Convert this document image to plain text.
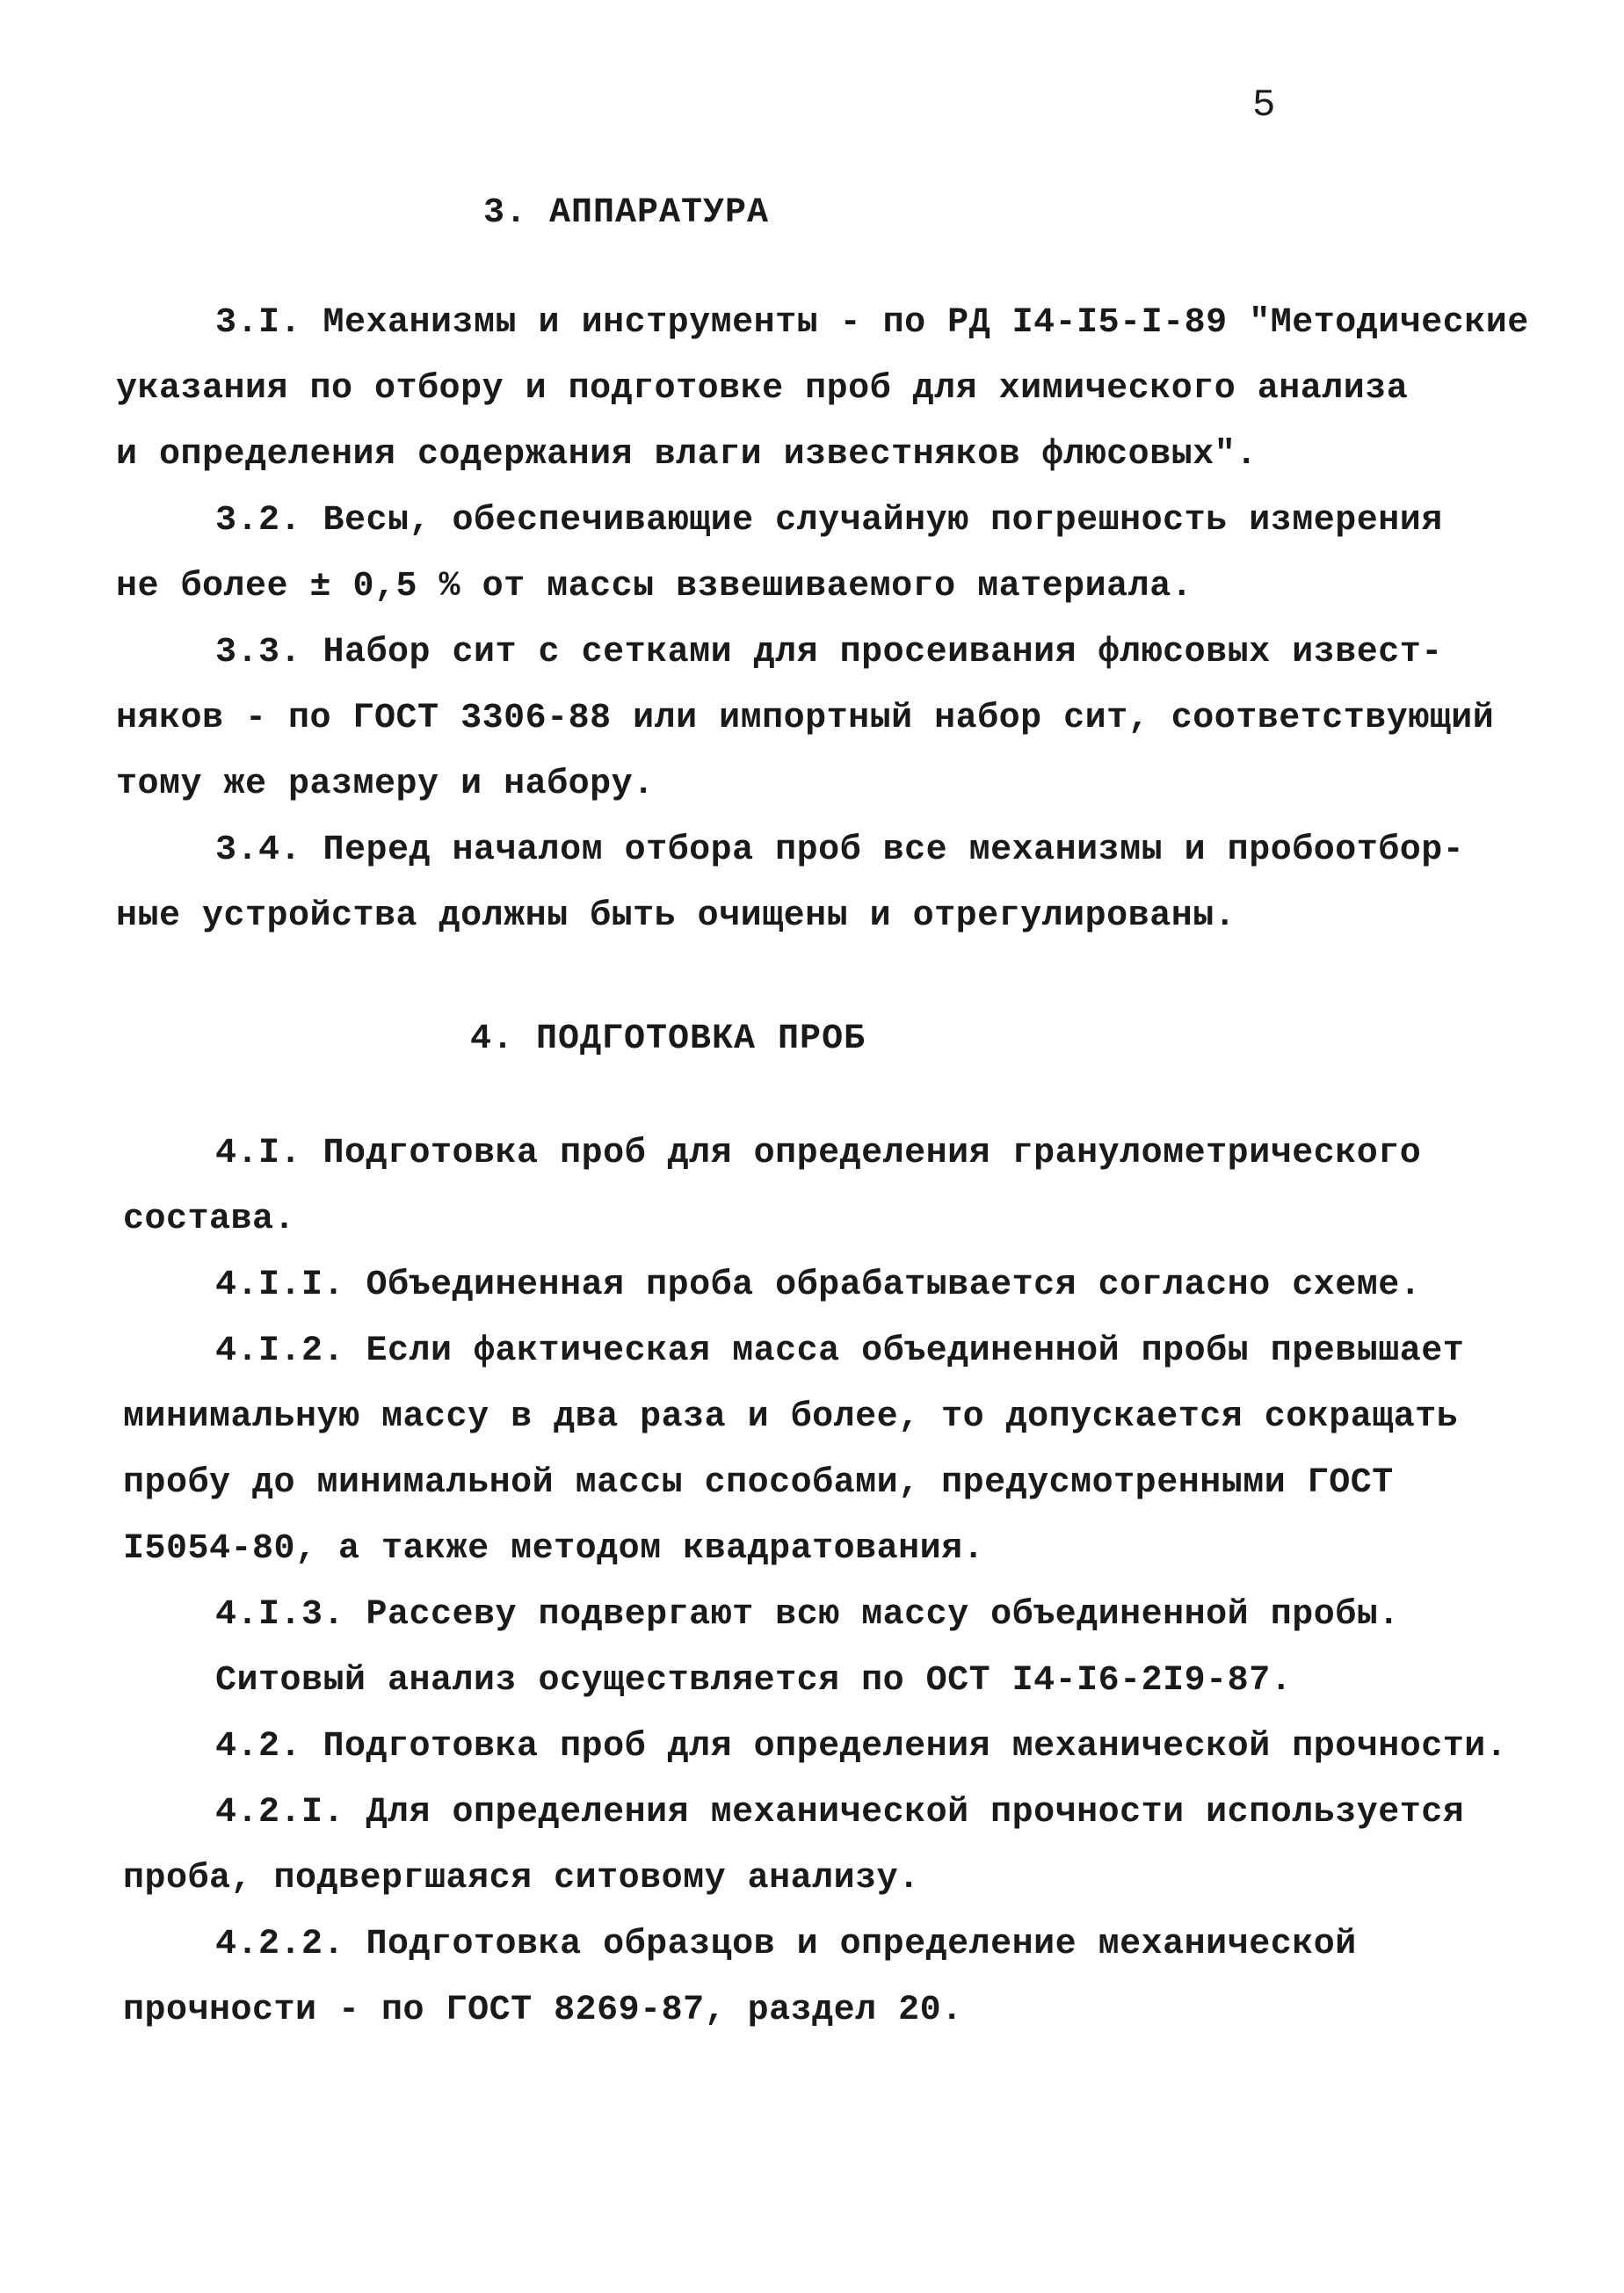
5
3. АППАРАТУРА
3.I. Механизмы и инструменты - по РД I4-I5-I-89 "Методические
указания по отбору и подготовке проб для химического анализа
и определения содержания влаги известняков флюсовых".
3.2. Весы, обеспечивающие случайную погрешность измерения
не более ± 0,5 % от массы взвешиваемого материала.
3.3. Набор сит с сетками для просеивания флюсовых извест-
няков - по ГОСТ 3306-88 или импортный набор сит, соответствующий
тому же размеру и набору.
3.4. Перед началом отбора проб все механизмы и пробоотбор-
ные устройства должны быть очищены и отрегулированы.
4. ПОДГОТОВКА ПРОБ
4.I. Подготовка проб для определения гранулометрического
состава.
4.I.I. Объединенная проба обрабатывается согласно схеме.
4.I.2. Если фактическая масса объединенной пробы превышает
минимальную массу в два раза и более, то допускается сокращать
пробу до минимальной массы способами, предусмотренными ГОСТ
I5054-80, а также методом квадратования.
4.I.3. Рассеву подвергают всю массу объединенной пробы.
Ситовый анализ осуществляется по ОСТ I4-I6-2I9-87.
4.2. Подготовка проб для определения механической прочности.
4.2.I. Для определения механической прочности используется
проба, подвергшаяся ситовому анализу.
4.2.2. Подготовка образцов и определение механической
прочности - по ГОСТ 8269-87, раздел 20.
